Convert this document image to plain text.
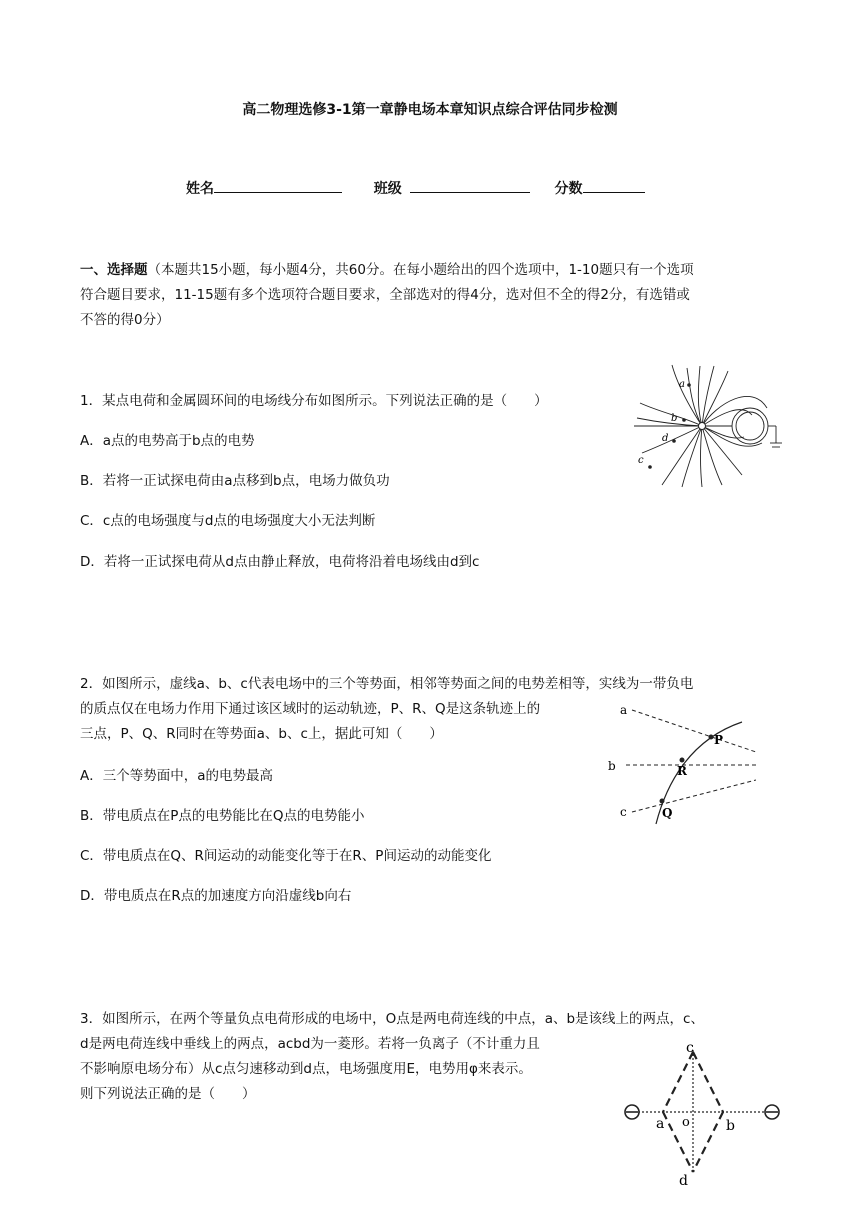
高二物理选修3-1第一章静电场本章知识点综合评估同步检测
姓名	班级	分数
一、选择题（本题共15小题，每小题4分，共60分。在每小题给出的四个选项中，1-10题只有一个选项
符合题目要求，11-15题有多个选项符合题目要求，全部选对的得4分，选对但不全的得2分，有选错或
不答的得0分）
1．某点电荷和金属圆环间的电场线分布如图所示。下列说法正确的是（　　）
A．a点的电势高于b点的电势
B．若将一正试探电荷由a点移到b点，电场力做负功
C．c点的电场强度与d点的电场强度大小无法判断
D．若将一正试探电荷从d点由静止释放，电荷将沿着电场线由d到c
a
b
d
c
2．如图所示，虚线a、b、c代表电场中的三个等势面，相邻等势面之间的电势差相等，实线为一带负电
的质点仅在电场力作用下通过该区域时的运动轨迹，P、R、Q是这条轨迹上的
三点，P、Q、R同时在等势面a、b、c上，据此可知（　　）
A．三个等势面中，a的电势最高
B．带电质点在P点的电势能比在Q点的电势能小
C．带电质点在Q、R间运动的动能变化等于在R、P间运动的动能变化
D．带电质点在R点的加速度方向沿虚线b向右
a
b
c
P
R
Q
3．如图所示，在两个等量负点电荷形成的电场中，O点是两电荷连线的中点，a、b是该线上的两点，c、
d是两电荷连线中垂线上的两点，acbd为一菱形。若将一负离子（不计重力且
不影响原电场分布）从c点匀速移动到d点，电场强度用E，电势用φ来表示。
则下列说法正确的是（　　）
c
a o	b
d
